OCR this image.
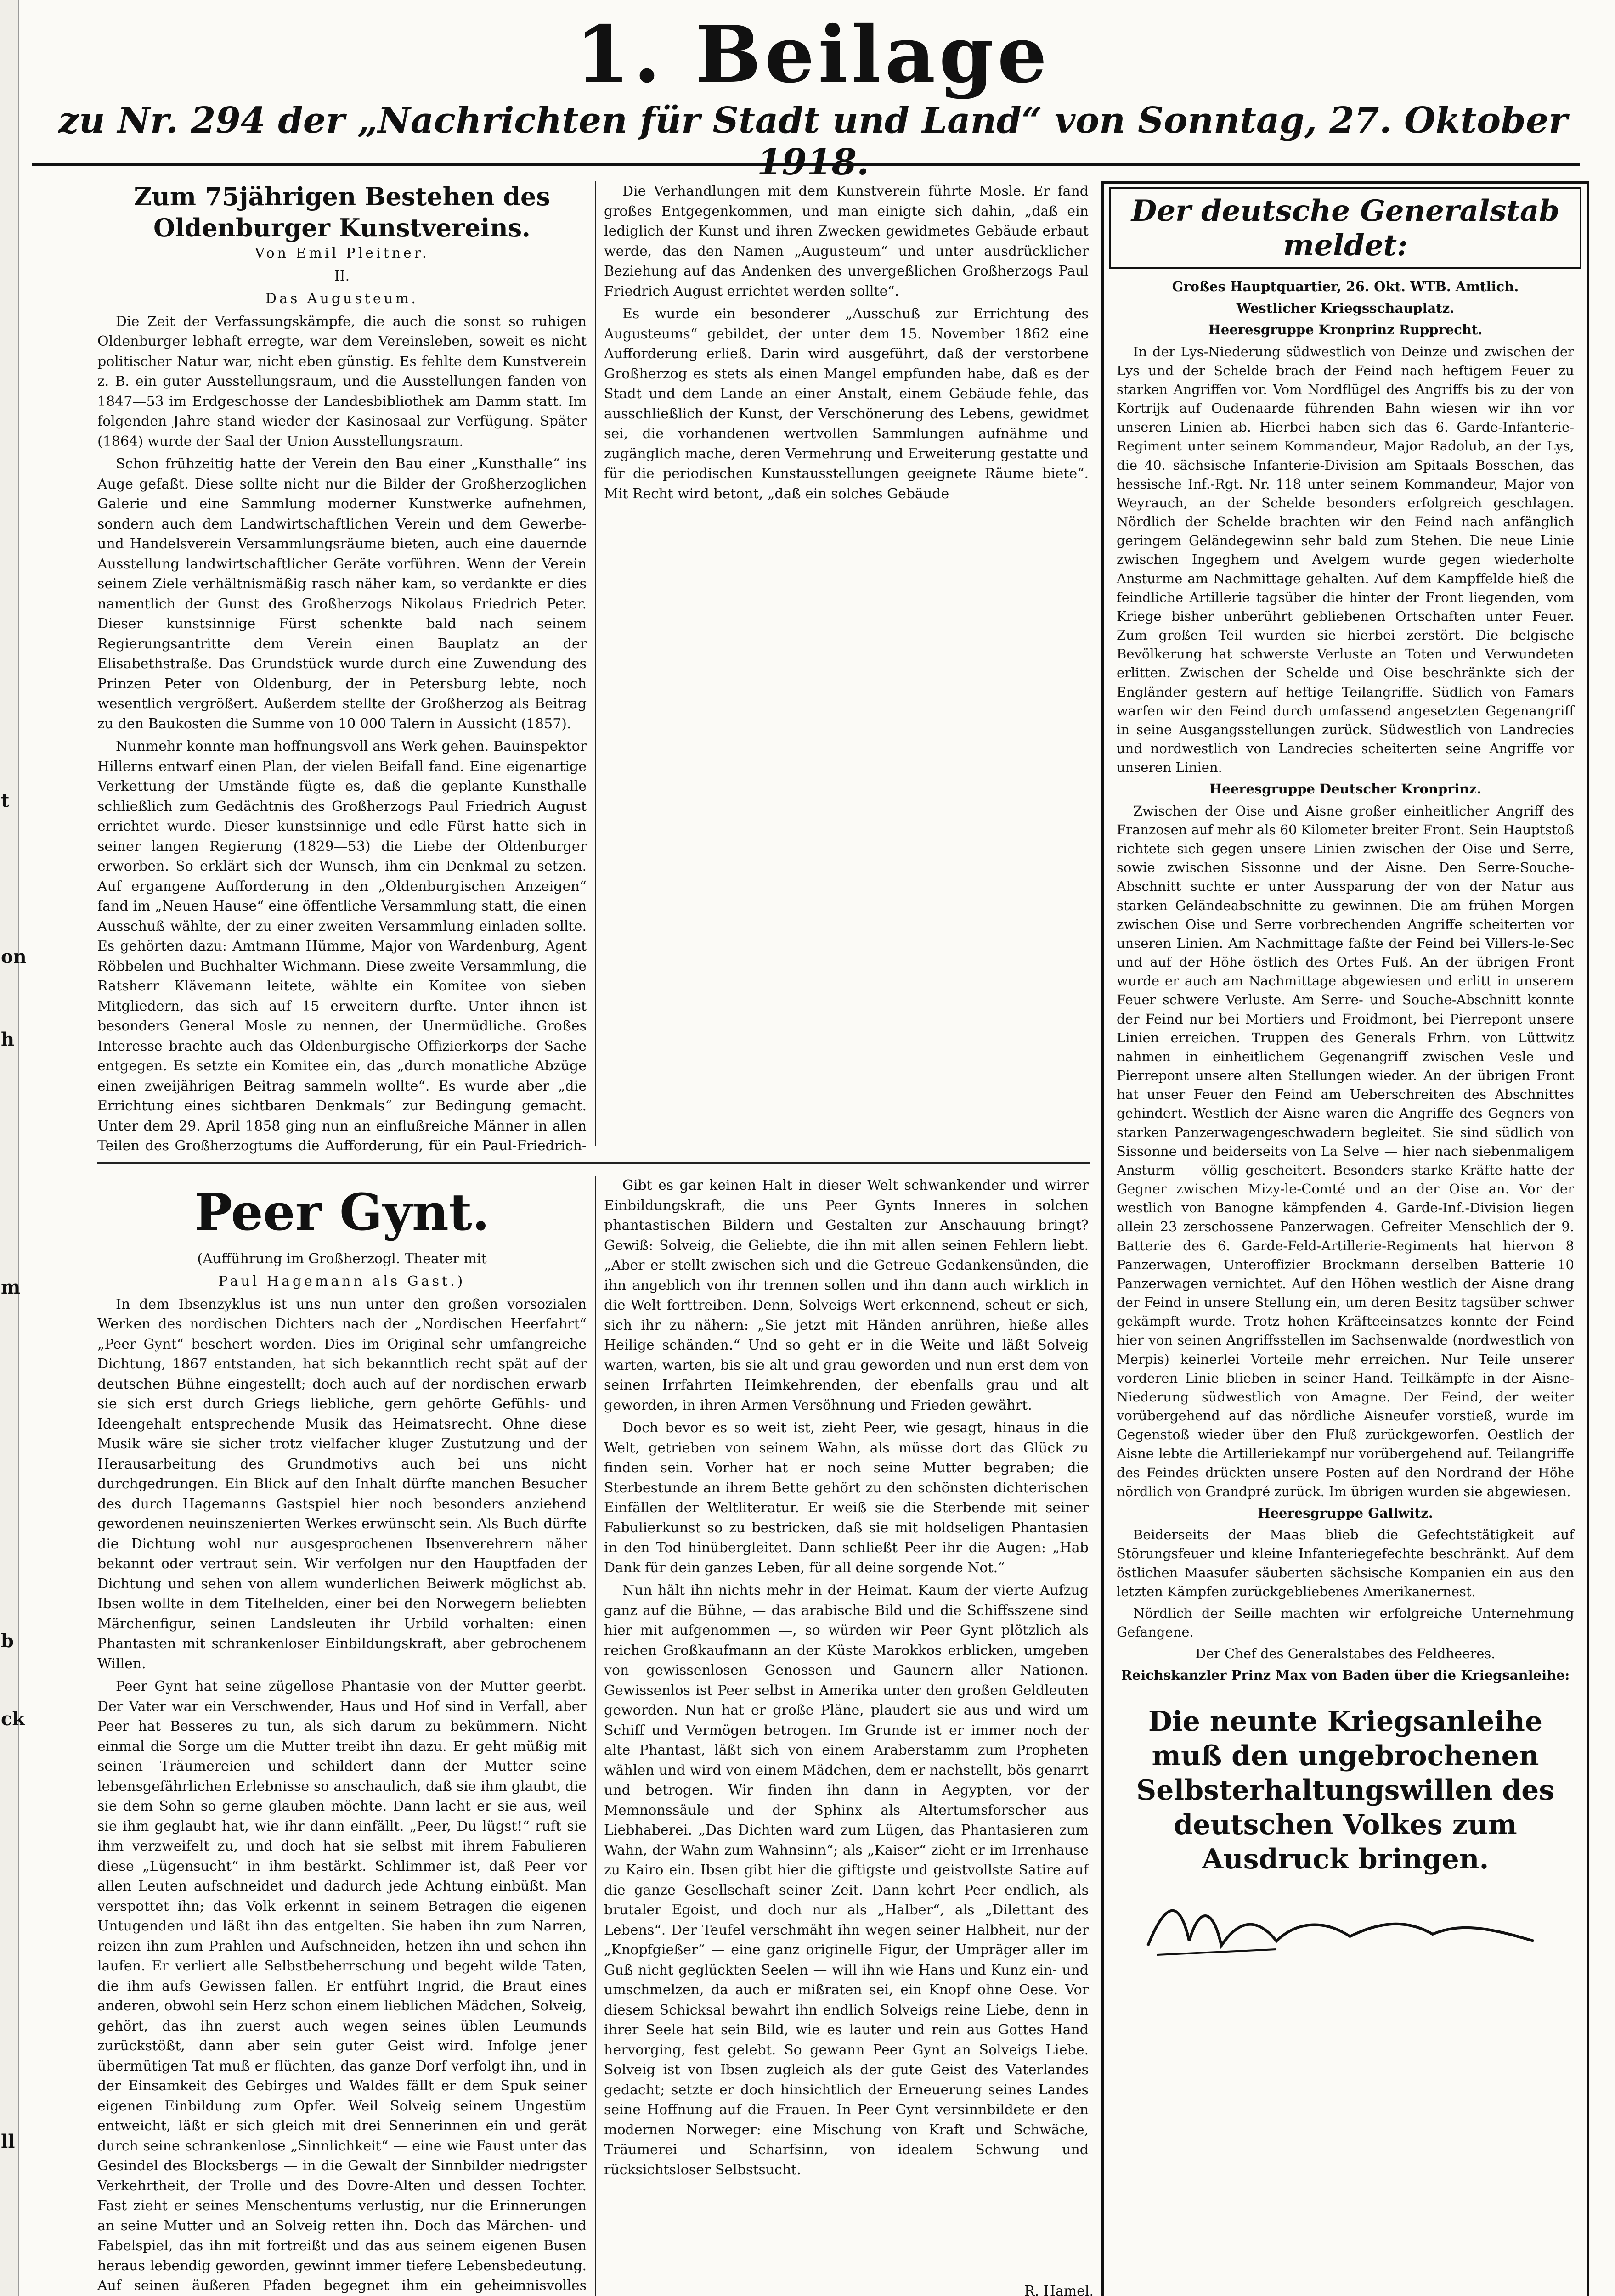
t
on
h
m
b
ck
ll
1. Beilage
zu Nr. 294 der „Nachrichten für Stadt und Land“ von Sonntag, 27. Oktober 1918.
Zum 75jährigen Bestehen des Oldenburger Kunstvereins.

Von Emil Pleitner.

II.

Das Augusteum.

Die Zeit der Verfassungskämpfe, die auch die sonst so ruhigen Oldenburger lebhaft erregte, war dem Vereinsleben, soweit es nicht politischer Natur war, nicht eben günstig. Es fehlte dem Kunstverein z. B. ein guter Ausstellungsraum, und die Ausstellungen fanden von 1847—53 im Erdgeschosse der Landesbibliothek am Damm statt. Im folgenden Jahre stand wieder der Kasinosaal zur Verfügung. Später (1864) wurde der Saal der Union Ausstellungsraum.

Schon frühzeitig hatte der Verein den Bau einer „Kunsthalle“ ins Auge gefaßt. Diese sollte nicht nur die Bilder der Großherzoglichen Galerie und eine Sammlung moderner Kunstwerke aufnehmen, sondern auch dem Landwirtschaftlichen Verein und dem Gewerbe- und Handelsverein Versammlungsräume bieten, auch eine dauernde Ausstellung landwirtschaftlicher Geräte vorführen. Wenn der Verein seinem Ziele verhältnismäßig rasch näher kam, so verdankte er dies namentlich der Gunst des Großherzogs Nikolaus Friedrich Peter. Dieser kunstsinnige Fürst schenkte bald nach seinem Regierungsantritte dem Verein einen Bauplatz an der Elisabethstraße. Das Grundstück wurde durch eine Zuwendung des Prinzen Peter von Oldenburg, der in Petersburg lebte, noch wesentlich vergrößert. Außerdem stellte der Großherzog als Beitrag zu den Baukosten die Summe von 10 000 Talern in Aussicht (1857).

Nunmehr konnte man hoffnungsvoll ans Werk gehen. Bauinspektor Hillerns entwarf einen Plan, der vielen Beifall fand. Eine eigenartige Verkettung der Umstände fügte es, daß die geplante Kunsthalle schließlich zum Gedächtnis des Großherzogs Paul Friedrich August errichtet wurde. Dieser kunstsinnige und edle Fürst hatte sich in seiner langen Regierung (1829—53) die Liebe der Oldenburger erworben. So erklärt sich der Wunsch, ihm ein Denkmal zu setzen. Auf ergangene Aufforderung in den „Oldenburgischen Anzeigen“ fand im „Neuen Hause“ eine öffentliche Versammlung statt, die einen Ausschuß wählte, der zu einer zweiten Versammlung einladen sollte. Es gehörten dazu: Amtmann Hümme, Major von Wardenburg, Agent Röbbelen und Buchhalter Wichmann. Diese zweite Versammlung, die Ratsherr Klävemann leitete, wählte ein Komitee von sieben Mitgliedern, das sich auf 15 erweitern durfte. Unter ihnen ist besonders General Mosle zu nennen, der Unermüdliche. Großes Interesse brachte auch das Oldenburgische Offizierkorps der Sache entgegen. Es setzte ein Komitee ein, das „durch monatliche Abzüge einen zweijährigen Beitrag sammeln wollte“. Es wurde aber „die Errichtung eines sichtbaren Denkmals“ zur Bedingung gemacht. Unter dem 29. April 1858 ging nun an einflußreiche Männer in allen Teilen des Großherzogtums die Aufforderung, für ein Paul-Friedrich-

Die Verhandlungen mit dem Kunstverein führte Mosle. Er fand großes Entgegenkommen, und man einigte sich dahin, „daß ein lediglich der Kunst und ihren Zwecken gewidmetes Gebäude erbaut werde, das den Namen „Augusteum“ und unter ausdrücklicher Beziehung auf das Andenken des unvergeßlichen Großherzogs Paul Friedrich August errichtet werden sollte“.

Es wurde ein besonderer „Ausschuß zur Errichtung des Augusteums“ gebildet, der unter dem 15. November 1862 eine Aufforderung erließ. Darin wird ausgeführt, daß der verstorbene Großherzog es stets als einen Mangel empfunden habe, daß es der Stadt und dem Lande an einer Anstalt, einem Gebäude fehle, das ausschließlich der Kunst, der Verschönerung des Lebens, gewidmet sei, die vorhandenen wertvollen Sammlungen aufnähme und zugänglich mache, deren Vermehrung und Erweiterung gestatte und für die periodischen Kunstausstellungen geeignete Räume biete“. Mit Recht wird betont, „daß ein solches Gebäude

Peer Gynt.

(Aufführung im Großherzogl. Theater mit

Paul Hagemann als Gast.)

In dem Ibsenzyklus ist uns nun unter den großen vorsozialen Werken des nordischen Dichters nach der „Nordischen Heerfahrt“ „Peer Gynt“ beschert worden. Dies im Original sehr umfangreiche Dichtung, 1867 entstanden, hat sich bekanntlich recht spät auf der deutschen Bühne eingestellt; doch auch auf der nordischen erwarb sie sich erst durch Griegs liebliche, gern gehörte Gefühls- und Ideengehalt entsprechende Musik das Heimatsrecht. Ohne diese Musik wäre sie sicher trotz vielfacher kluger Zustutzung und der Herausarbeitung des Grundmotivs auch bei uns nicht durchgedrungen. Ein Blick auf den Inhalt dürfte manchen Besucher des durch Hagemanns Gastspiel hier noch besonders anziehend gewordenen neuinszenierten Werkes erwünscht sein. Als Buch dürfte die Dichtung wohl nur ausgesprochenen Ibsenverehrern näher bekannt oder vertraut sein. Wir verfolgen nur den Hauptfaden der Dichtung und sehen von allem wunderlichen Beiwerk möglichst ab. Ibsen wollte in dem Titelhelden, einer bei den Norwegern beliebten Märchenfigur, seinen Landsleuten ihr Urbild vorhalten: einen Phantasten mit schrankenloser Einbildungskraft, aber gebrochenem Willen.

Peer Gynt hat seine zügellose Phantasie von der Mutter geerbt. Der Vater war ein Verschwender, Haus und Hof sind in Verfall, aber Peer hat Besseres zu tun, als sich darum zu bekümmern. Nicht einmal die Sorge um die Mutter treibt ihn dazu. Er geht müßig mit seinen Träumereien und schildert dann der Mutter seine lebensgefährlichen Erlebnisse so anschaulich, daß sie ihm glaubt, die sie dem Sohn so gerne glauben möchte. Dann lacht er sie aus, weil sie ihm geglaubt hat, wie ihr dann einfällt. „Peer, Du lügst!“ ruft sie ihm verzweifelt zu, und doch hat sie selbst mit ihrem Fabulieren diese „Lügensucht“ in ihm bestärkt. Schlimmer ist, daß Peer vor allen Leuten aufschneidet und dadurch jede Achtung einbüßt. Man verspottet ihn; das Volk erkennt in seinem Betragen die eigenen Untugenden und läßt ihn das entgelten. Sie haben ihn zum Narren, reizen ihn zum Prahlen und Aufschneiden, hetzen ihn und sehen ihn laufen. Er verliert alle Selbstbeherrschung und begeht wilde Taten, die ihm aufs Gewissen fallen. Er entführt Ingrid, die Braut eines anderen, obwohl sein Herz schon einem lieblichen Mädchen, Solveig, gehört, das ihn zuerst auch wegen seines üblen Leumunds zurückstößt, dann aber sein guter Geist wird. Infolge jener übermütigen Tat muß er flüchten, das ganze Dorf verfolgt ihn, und in der Einsamkeit des Gebirges und Waldes fällt er dem Spuk seiner eigenen Einbildung zum Opfer. Weil Solveig seinem Ungestüm entweicht, läßt er sich gleich mit drei Sennerinnen ein und gerät durch seine schrankenlose „Sinnlichkeit“ — eine wie Faust unter das Gesindel des Blocksbergs — in die Gewalt der Sinnbilder niedrigster Verkehrtheit, der Trolle und des Dovre-Alten und dessen Tochter. Fast zieht er seines Menschentums verlustig, nur die Erinnerungen an seine Mutter und an Solveig retten ihn. Doch das Märchen- und Fabelspiel, das ihn mit fortreißt und das aus seinem eigenen Busen heraus lebendig geworden, gewinnt immer tiefere Lebensbedeutung. Auf seinen äußeren Pfaden begegnet ihm ein geheimnisvolles

Gibt es gar keinen Halt in dieser Welt schwankender und wirrer Einbildungskraft, die uns Peer Gynts Inneres in solchen phantastischen Bildern und Gestalten zur Anschauung bringt? Gewiß: Solveig, die Geliebte, die ihn mit allen seinen Fehlern liebt. „Aber er stellt zwischen sich und die Getreue Gedankensünden, die ihn angeblich von ihr trennen sollen und ihn dann auch wirklich in die Welt forttreiben. Denn, Solveigs Wert erkennend, scheut er sich, sich ihr zu nähern: „Sie jetzt mit Händen anrühren, hieße alles Heilige schänden.“ Und so geht er in die Weite und läßt Solveig warten, warten, bis sie alt und grau geworden und nun erst dem von seinen Irrfahrten Heimkehrenden, der ebenfalls grau und alt geworden, in ihren Armen Versöhnung und Frieden gewährt.

Doch bevor es so weit ist, zieht Peer, wie gesagt, hinaus in die Welt, getrieben von seinem Wahn, als müsse dort das Glück zu finden sein. Vorher hat er noch seine Mutter begraben; die Sterbestunde an ihrem Bette gehört zu den schönsten dichterischen Einfällen der Weltliteratur. Er weiß sie die Sterbende mit seiner Fabulierkunst so zu bestricken, daß sie mit holdseligen Phantasien in den Tod hinübergleitet. Dann schließt Peer ihr die Augen: „Hab Dank für dein ganzes Leben, für all deine sorgende Not.“

Nun hält ihn nichts mehr in der Heimat. Kaum der vierte Aufzug ganz auf die Bühne, — das arabische Bild und die Schiffsszene sind hier mit aufgenommen —, so würden wir Peer Gynt plötzlich als reichen Großkaufmann an der Küste Marokkos erblicken, umgeben von gewissenlosen Genossen und Gaunern aller Nationen. Gewissenlos ist Peer selbst in Amerika unter den großen Geldleuten geworden. Nun hat er große Pläne, plaudert sie aus und wird um Schiff und Vermögen betrogen. Im Grunde ist er immer noch der alte Phantast, läßt sich von einem Araberstamm zum Propheten wählen und wird von einem Mädchen, dem er nachstellt, bös genarrt und betrogen. Wir finden ihn dann in Aegypten, vor der Memnonssäule und der Sphinx als Altertumsforscher aus Liebhaberei. „Das Dichten ward zum Lügen, das Phantasieren zum Wahn, der Wahn zum Wahnsinn“; als „Kaiser“ zieht er im Irrenhause zu Kairo ein. Ibsen gibt hier die giftigste und geistvollste Satire auf die ganze Gesellschaft seiner Zeit. Dann kehrt Peer endlich, als brutaler Egoist, und doch nur als „Halber“, als „Dilettant des Lebens“. Der Teufel verschmäht ihn wegen seiner Halbheit, nur der „Knopfgießer“ — eine ganz originelle Figur, der Umpräger aller im Guß nicht geglückten Seelen — will ihn wie Hans und Kunz ein- und umschmelzen, da auch er mißraten sei, ein Knopf ohne Oese. Vor diesem Schicksal bewahrt ihn endlich Solveigs reine Liebe, denn in ihrer Seele hat sein Bild, wie es lauter und rein aus Gottes Hand hervorging, fest gelebt. So gewann Peer Gynt an Solveigs Liebe. Solveig ist von Ibsen zugleich als der gute Geist des Vaterlandes gedacht; setzte er doch hinsichtlich der Erneuerung seines Landes seine Hoffnung auf die Frauen. In Peer Gynt versinnbildete er den modernen Norweger: eine Mischung von Kraft und Schwäche, Träumerei und Scharfsinn, von idealem Schwung und rücksichtsloser Selbstsucht.

R. Hamel.
Der deutsche Generalstab meldet:

Großes Hauptquartier, 26. Okt. WTB. Amtlich.

Westlicher Kriegsschauplatz.

Heeresgruppe Kronprinz Rupprecht.

In der Lys-Niederung südwestlich von Deinze und zwischen der Lys und der Schelde brach der Feind nach heftigem Feuer zu starken Angriffen vor. Vom Nordflügel des Angriffs bis zu der von Kortrijk auf Oudenaarde führenden Bahn wiesen wir ihn vor unseren Linien ab. Hierbei haben sich das 6. Garde-Infanterie-Regiment unter seinem Kommandeur, Major Radolub, an der Lys, die 40. sächsische Infanterie-Division am Spitaals Bosschen, das hessische Inf.-Rgt. Nr. 118 unter seinem Kommandeur, Major von Weyrauch, an der Schelde besonders erfolgreich geschlagen. Nördlich der Schelde brachten wir den Feind nach anfänglich geringem Geländegewinn sehr bald zum Stehen. Die neue Linie zwischen Ingeghem und Avelgem wurde gegen wiederholte Ansturme am Nachmittage gehalten. Auf dem Kampffelde hieß die feindliche Artillerie tagsüber die hinter der Front liegenden, vom Kriege bisher unberührt gebliebenen Ortschaften unter Feuer. Zum großen Teil wurden sie hierbei zerstört. Die belgische Bevölkerung hat schwerste Verluste an Toten und Verwundeten erlitten. Zwischen der Schelde und Oise beschränkte sich der Engländer gestern auf heftige Teilangriffe. Südlich von Famars warfen wir den Feind durch umfassend angesetzten Gegenangriff in seine Ausgangsstellungen zurück. Südwestlich von Landrecies und nordwestlich von Landrecies scheiterten seine Angriffe vor unseren Linien.

Heeresgruppe Deutscher Kronprinz.

Zwischen der Oise und Aisne großer einheitlicher Angriff des Franzosen auf mehr als 60 Kilometer breiter Front. Sein Hauptstoß richtete sich gegen unsere Linien zwischen der Oise und Serre, sowie zwischen Sissonne und der Aisne. Den Serre-Souche-Abschnitt suchte er unter Aussparung der von der Natur aus starken Geländeabschnitte zu gewinnen. Die am frühen Morgen zwischen Oise und Serre vorbrechenden Angriffe scheiterten vor unseren Linien. Am Nachmittage faßte der Feind bei Villers-le-Sec und auf der Höhe östlich des Ortes Fuß. An der übrigen Front wurde er auch am Nachmittage abgewiesen und erlitt in unserem Feuer schwere Verluste. Am Serre- und Souche-Abschnitt konnte der Feind nur bei Mortiers und Froidmont, bei Pierrepont unsere Linien erreichen. Truppen des Generals Frhrn. von Lüttwitz nahmen in einheitlichem Gegenangriff zwischen Vesle und Pierrepont unsere alten Stellungen wieder. An der übrigen Front hat unser Feuer den Feind am Ueberschreiten des Abschnittes gehindert. Westlich der Aisne waren die Angriffe des Gegners von starken Panzerwagengeschwadern begleitet. Sie sind südlich von Sissonne und beiderseits von La Selve — hier nach siebenmaligem Ansturm — völlig gescheitert. Besonders starke Kräfte hatte der Gegner zwischen Mizy-le-Comté und an der Oise an. Vor der westlich von Banogne kämpfenden 4. Garde-Inf.-Division liegen allein 23 zerschossene Panzerwagen. Gefreiter Menschlich der 9. Batterie des 6. Garde-Feld-Artillerie-Regiments hat hiervon 8 Panzerwagen, Unteroffizier Brockmann derselben Batterie 10 Panzerwagen vernichtet. Auf den Höhen westlich der Aisne drang der Feind in unsere Stellung ein, um deren Besitz tagsüber schwer gekämpft wurde. Trotz hohen Kräfteeinsatzes konnte der Feind hier von seinen Angriffsstellen im Sachsenwalde (nordwestlich von Merpis) keinerlei Vorteile mehr erreichen. Nur Teile unserer vorderen Linie blieben in seiner Hand. Teilkämpfe in der Aisne-Niederung südwestlich von Amagne. Der Feind, der weiter vorübergehend auf das nördliche Aisneufer vorstieß, wurde im Gegenstoß wieder über den Fluß zurückgeworfen. Oestlich der Aisne lebte die Artilleriekampf nur vorübergehend auf. Teilangriffe des Feindes drückten unsere Posten auf den Nordrand der Höhe nördlich von Grandpré zurück. Im übrigen wurden sie abgewiesen.

Heeresgruppe Gallwitz.

Beiderseits der Maas blieb die Gefechtstätigkeit auf Störungsfeuer und kleine Infanteriegefechte beschränkt. Auf dem östlichen Maasufer säuberten sächsische Kompanien ein aus den letzten Kämpfen zurückgebliebenes Amerikanernest.

Nördlich der Seille machten wir erfolgreiche Unternehmung Gefangene.

Der Chef des Generalstabes des Feldheeres.

Reichskanzler Prinz Max von Baden über die Kriegsanleihe:

Die neunte Kriegsanleihe muß den ungebrochenen Selbsterhaltungswillen des deutschen Volkes zum Ausdruck bringen.
